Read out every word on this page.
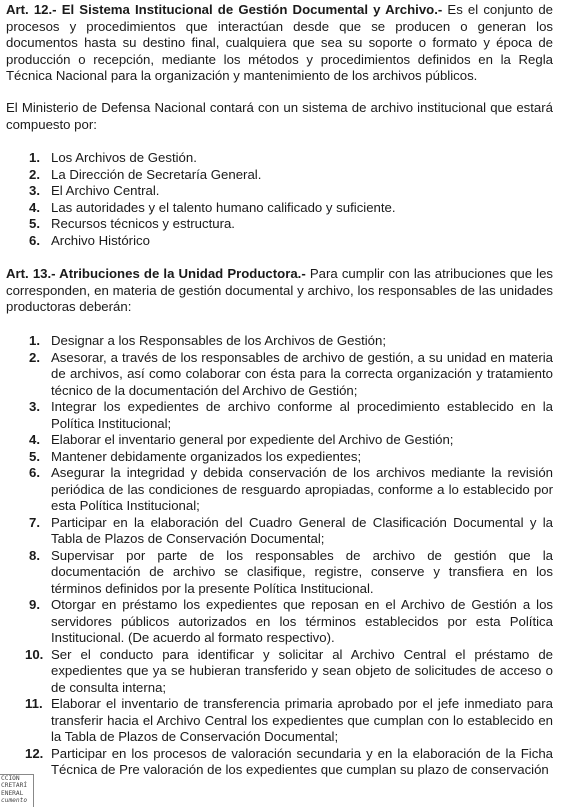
Art. 12.- El Sistema Institucional de Gestión Documental y Archivo.- Es el conjunto de procesos y procedimientos que interactúan desde que se producen o generan los documentos hasta su destino final, cualquiera que sea su soporte o formato y época de producción o recepción, mediante los métodos y procedimientos definidos en la Regla Técnica Nacional para la organización y mantenimiento de los archivos públicos.

El Ministerio de Defensa Nacional contará con un sistema de archivo institucional que estará compuesto por:

1. Los Archivos de Gestión.
2. La Dirección de Secretaría General.
3. El Archivo Central.
4. Las autoridades y el talento humano calificado y suficiente.
5. Recursos técnicos y estructura.
6. Archivo Histórico

Art. 13.- Atribuciones de la Unidad Productora.- Para cumplir con las atribuciones que les corresponden, en materia de gestión documental y archivo, los responsables de las unidades productoras deberán:

1. Designar a los Responsables de los Archivos de Gestión;
2. Asesorar, a través de los responsables de archivo de gestión, a su unidad en materia de archivos, así como colaborar con ésta para la correcta organización y tratamiento técnico de la documentación del Archivo de Gestión;
3. Integrar los expedientes de archivo conforme al procedimiento establecido en la Política Institucional;
4. Elaborar el inventario general por expediente del Archivo de Gestión;
5. Mantener debidamente organizados los expedientes;
6. Asegurar la integridad y debida conservación de los archivos mediante la revisión periódica de las condiciones de resguardo apropiadas, conforme a lo establecido por esta Política Institucional;
7. Participar en la elaboración del Cuadro General de Clasificación Documental y la Tabla de Plazos de Conservación Documental;
8. Supervisar por parte de los responsables de archivo de gestión que la documentación de archivo se clasifique, registre, conserve y transfiera en los términos definidos por la presente Política Institucional.
9. Otorgar en préstamo los expedientes que reposan en el Archivo de Gestión a los servidores públicos autorizados en los términos establecidos por esta Política Institucional. (De acuerdo al formato respectivo).
10. Ser el conducto para identificar y solicitar al Archivo Central el préstamo de expedientes que ya se hubieran transferido y sean objeto de solicitudes de acceso o de consulta interna;
11. Elaborar el inventario de transferencia primaria aprobado por el jefe inmediato para transferir hacia el Archivo Central los expedientes que cumplan con lo establecido en la Tabla de Plazos de Conservación Documental;
12. Participar en los procesos de valoración secundaria y en la elaboración de la Ficha Técnica de Pre valoración de los expedientes que cumplan su plazo de conservación
CCIÓN
CRETARÍ
ENERAL
cumento
